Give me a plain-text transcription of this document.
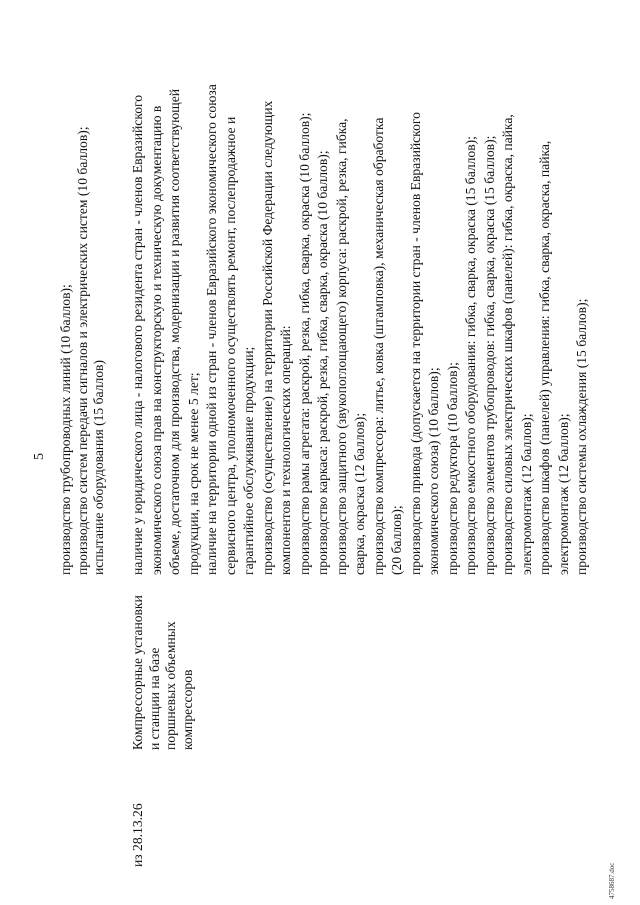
5 производство трубопроводных линий (10 баллов); производство систем передачи сигналов и электрических систем (10 баллов); испытание оборудования (15 баллов)
из 28.13.26
Компрессорные установки и станции на базе поршневых объемных компрессоров
наличие у юридического лица - налогового резидента стран - членов Евразийского экономического союза прав на конструкторскую и техническую документацию в объеме, достаточном для производства, модернизации и развития соответствующей продукции, на срок не менее 5 лет; наличие на территории одной из стран - членов Евразийского экономического союза сервисного центра, уполномоченного осуществлять ремонт, послепродажное и гарантийное обслуживание продукции; производство (осуществление) на территории Российской Федерации следующих компонентов и технологических операций: производство рамы агрегата: раскрой, резка, гибка, сварка, окраска (10 баллов); производство каркаса: раскрой, резка, гибка, сварка, окраска (10 баллов); производство защитного (звукопоглощающего) корпуса: раскрой, резка, гибка, сварка, окраска (12 баллов); производство компрессора: литье, ковка (штамповка), механическая обработка (20 баллов); производство привода (допускается на территории стран - членов Евразийского экономического союза) (10 баллов); производство редуктора (10 баллов); производство емкостного оборудования: гибка, сварка, окраска (15 баллов); производство элементов трубопроводов: гибка, сварка, окраска (15 баллов); производство силовых электрических шкафов (панелей): гибка, окраска, пайка, электромонтаж (12 баллов); производство шкафов (панелей) управления: гибка, сварка, окраска, пайка, электромонтаж (12 баллов); производство системы охлаждения (15 баллов);
4758687.doc
